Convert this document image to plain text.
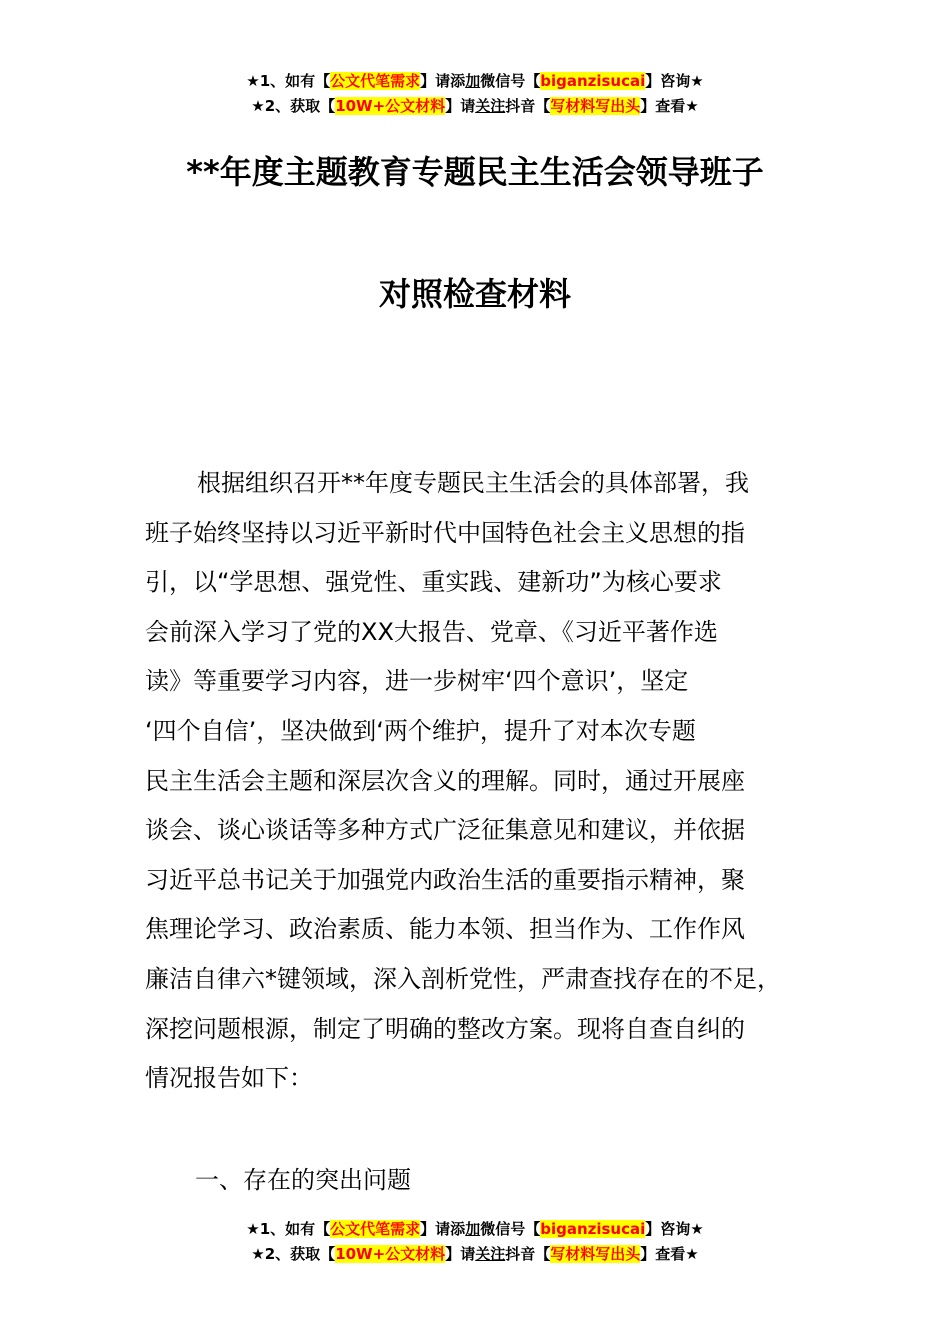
★1、如有【公文代笔需求】请添加微信号【biganzisucai】咨询★
★2、获取【10W+公文材料】请关注抖音【写材料写出头】查看★
**年度主题教育专题民主生活会领导班子
对照检查材料
根据组织召开**年度专题民主生活会的具体部署，我
班子始终坚持以习近平新时代中国特色社会主义思想的指
引，以“学思想、强党性、重实践、建新功”为核心要求
会前深入学习了党的XX大报告、党章、《习近平著作选
读》等重要学习内容，进一步树牢‘四个意识’，坚定
‘四个自信’，坚决做到‘两个维护，提升了对本次专题
民主生活会主题和深层次含义的理解。同时，通过开展座
谈会、谈心谈话等多种方式广泛征集意见和建议，并依据
习近平总书记关于加强党内政治生活的重要指示精神，聚
焦理论学习、政治素质、能力本领、担当作为、工作作风
廉洁自律六*键领域，深入剖析党性，严肃查找存在的不足，
深挖问题根源，制定了明确的整改方案。现将自查自纠的
情况报告如下：
一、存在的突出问题
★1、如有【公文代笔需求】请添加微信号【biganzisucai】咨询★
★2、获取【10W+公文材料】请关注抖音【写材料写出头】查看★
